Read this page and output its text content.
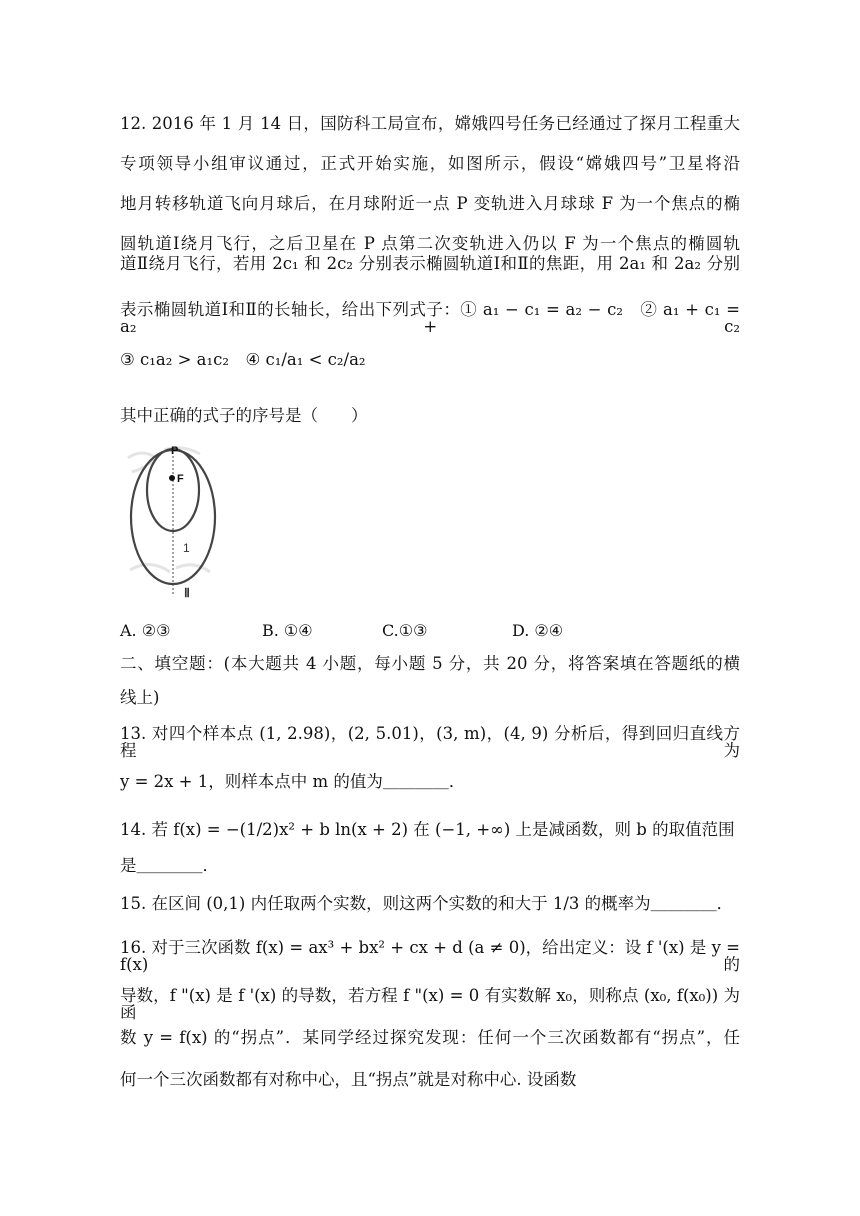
12. 2016 年 1 月 14 日，国防科工局宣布，嫦娥四号任务已经通过了探月工程重大
专项领导小组审议通过，正式开始实施，如图所示，假设“嫦娥四号”卫星将沿
地月转移轨道飞向月球后，在月球附近一点 P 变轨进入月球球 F 为一个焦点的椭
圆轨道Ⅰ绕月飞行，之后卫星在 P 点第二次变轨进入仍以 F 为一个焦点的椭圆轨
道Ⅱ绕月飞行，若用 2c₁ 和 2c₂ 分别表示椭圆轨道Ⅰ和Ⅱ的焦距，用 2a₁ 和 2a₂ 分别
表示椭圆轨道Ⅰ和Ⅱ的长轴长，给出下列式子：① a₁ − c₁ = a₂ − c₂　② a₁ + c₁ = a₂ + c₂
③ c₁a₂ > a₁c₂　④ c₁/a₁ < c₂/a₂
其中正确的式子的序号是（　　）
P
F
1
Ⅱ
A. ②③	B. ①④	C.①③	D. ②④
二、填空题：(本大题共 4 小题，每小题 5 分，共 20 分，将答案填在答题纸的横
线上)
13. 对四个样本点 (1, 2.98)，(2, 5.01)，(3, m)，(4, 9) 分析后，得到回归直线方程为
y = 2x + 1，则样本点中 m 的值为＿＿＿＿．
14. 若 f(x) = −(1/2)x² + b ln(x + 2) 在 (−1, +∞) 上是减函数，则 b 的取值范围
是＿＿＿＿．
15. 在区间 (0,1) 内任取两个实数，则这两个实数的和大于 1/3 的概率为＿＿＿＿．
16. 对于三次函数 f(x) = ax³ + bx² + cx + d (a ≠ 0)，给出定义：设 f '(x) 是 y = f(x) 的
导数，f "(x) 是 f '(x) 的导数，若方程 f "(x) = 0 有实数解 x₀，则称点 (x₀, f(x₀)) 为函
数 y = f(x) 的“拐点”．某同学经过探究发现：任何一个三次函数都有“拐点”，任
何一个三次函数都有对称中心，且“拐点”就是对称中心. 设函数
